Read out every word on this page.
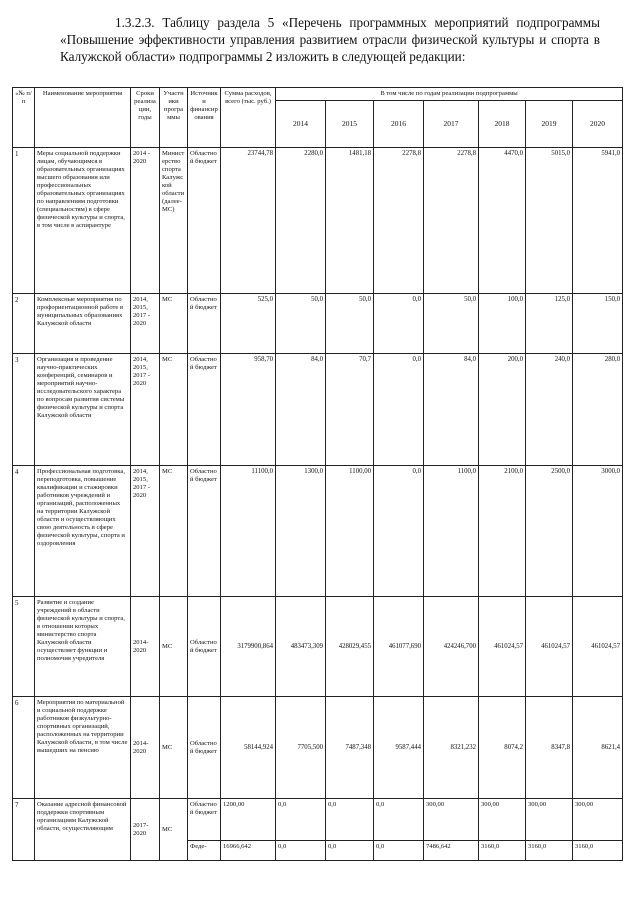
1.3.2.3. Таблицу раздела 5 «Перечень программных мероприятий подпрограммы «Повышение эффективности управления развитием отрасли физической культуры и спорта в Калужской области» подпрограммы 2 изложить в следующей редакции:

«№ п/п	Наименование мероприятия	Сроки реализации, годы	Участники программы	Источники финансирования	Сумма расходов, всего (тыс. руб.)	В том числе по годам реализации подпрограммы						
						2014	2015	2016	2017	2018	2019	2020
1	Меры социальной поддержки лицам, обучающимся в образовательных организациях высшего образования или профессиональных образовательных организациях по направлениям подготовки (специальностям) в сфере физической культуры и спорта, в том числе в аспирантуре	2014 - 2020	Министерство спорта Калужской области (далее-МС)	Областной бюджет	23744,78	2280,0	1481,18	2278,8	2278,8	4470,0	5015,0	5941,0
2	Комплексные мероприятия по профориентационной работе в муниципальных образованиях Калужской области	2014, 2015, 2017 - 2020	МС	Областной бюджет	525,0	50,0	50,0	0,0	50,0	100,0	125,0	150,0
3	Организация и проведение научно-практических конференций, семинаров и мероприятий научно-исследовательского характера по вопросам развития системы физической культуры и спорта Калужской области	2014, 2015, 2017 - 2020	МС	Областной бюджет	958,70	84,0	70,7	0,0	84,0	200,0	240,0	280,0
4	Профессиональная подготовка, переподготовка, повышение квалификации и стажировки работников учреждений и организаций, расположенных на территории Калужской области и осуществляющих свою деятельность в сфере физической культуры, спорта и оздоровления	2014, 2015, 2017 - 2020	МС	Областной бюджет	11100,0	1300,0	1100,00	0,0	1100,0	2100,0	2500,0	3000,0
5	Развитие и создание учреждений в области физической культуры и спорта, в отношении которых министерство спорта Калужской области осуществляет функции и полномочия учредителя	2014- 2020	МС	Областной бюджет	3179900,864	483473,309	428029,455	461077,690	424246,700	461024,57	461024,57	461024,57
6	Мероприятия по материальной и социальной поддержке работников физкультурно-спортивных организаций, расположенных на территории Калужской области, в том числе вышедших на пенсию	2014- 2020	МС	Областной бюджет	58144,924	7705,500	7487,348	9587,444	8321,232	8074,2	8347,8	8621,4
7	Оказание адресной финансовой поддержки спортивным организациям Калужской области, осуществляющим	2017- 2020	МС	Областной бюджет	1200,00	0,0	0,0	0,0	300,00	300,00	300,00	300,00
				Феде-	16966,642	0,0	0,0	0,0	7486,642	3160,0	3160,0	3160,0
